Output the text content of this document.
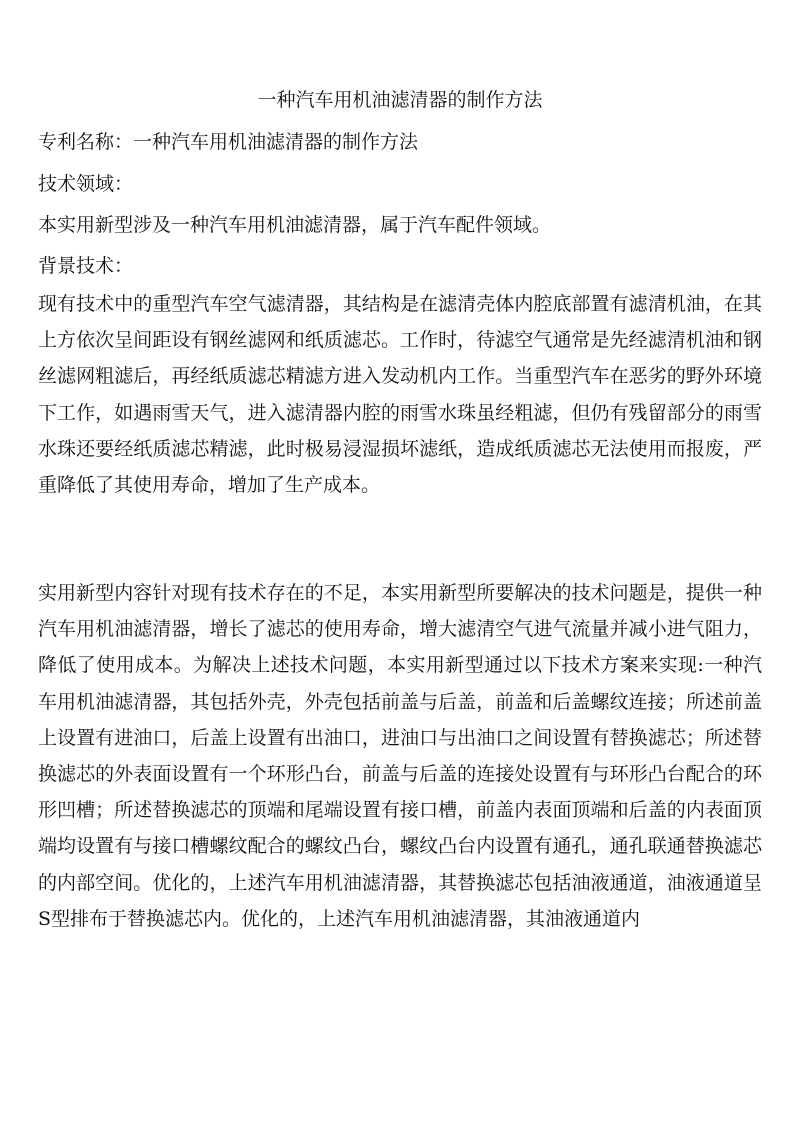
一种汽车用机油滤清器的制作方法
专利名称：一种汽车用机油滤清器的制作方法
技术领域：
本实用新型涉及一种汽车用机油滤清器，属于汽车配件领域。
背景技术：
现有技术中的重型汽车空气滤清器，其结构是在滤清壳体内腔底部置有滤清机油，在其上方依次呈间距设有钢丝滤网和纸质滤芯。工作时，待滤空气通常是先经滤清机油和钢丝滤网粗滤后，再经纸质滤芯精滤方进入发动机内工作。当重型汽车在恶劣的野外环境下工作，如遇雨雪天气，进入滤清器内腔的雨雪水珠虽经粗滤，但仍有残留部分的雨雪水珠还要经纸质滤芯精滤，此时极易浸湿损坏滤纸，造成纸质滤芯无法使用而报废，严重降低了其使用寿命，增加了生产成本。
实用新型内容针对现有技术存在的不足，本实用新型所要解决的技术问题是，提供一种汽车用机油滤清器，增长了滤芯的使用寿命，增大滤清空气进气流量并减小进气阻力，降低了使用成本。为解决上述技术问题，本实用新型通过以下技术方案来实现:一种汽车用机油滤清器，其包括外壳，外壳包括前盖与后盖，前盖和后盖螺纹连接；所述前盖上设置有进油口，后盖上设置有出油口，进油口与出油口之间设置有替换滤芯；所述替换滤芯的外表面设置有一个环形凸台，前盖与后盖的连接处设置有与环形凸台配合的环形凹槽；所述替换滤芯的顶端和尾端设置有接口槽，前盖内表面顶端和后盖的内表面顶端均设置有与接口槽螺纹配合的螺纹凸台，螺纹凸台内设置有通孔，通孔联通替换滤芯的内部空间。优化的，上述汽车用机油滤清器，其替换滤芯包括油液通道，油液通道呈S型排布于替换滤芯内。优化的，上述汽车用机油滤清器，其油液通道内
